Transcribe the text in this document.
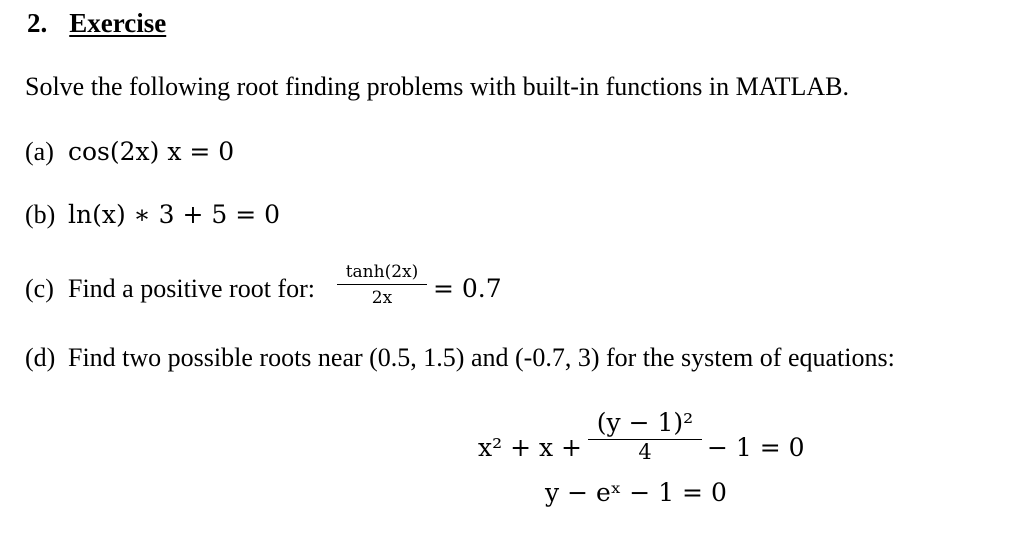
2. Exercise
Solve the following root finding problems with built-in functions in MATLAB.
(a) cos(2x) x = 0
(b) ln(x) ∗ 3 + 5 = 0
(c) Find a positive root for: $\frac{\tanh(2x)}{2x} = 0.7$
(d) Find two possible roots near (0.5, 1.5) and (-0.7, 3) for the system of equations:
x² + x +
(y − 1)²
4	− 1 = 0
y − eˣ − 1 = 0
